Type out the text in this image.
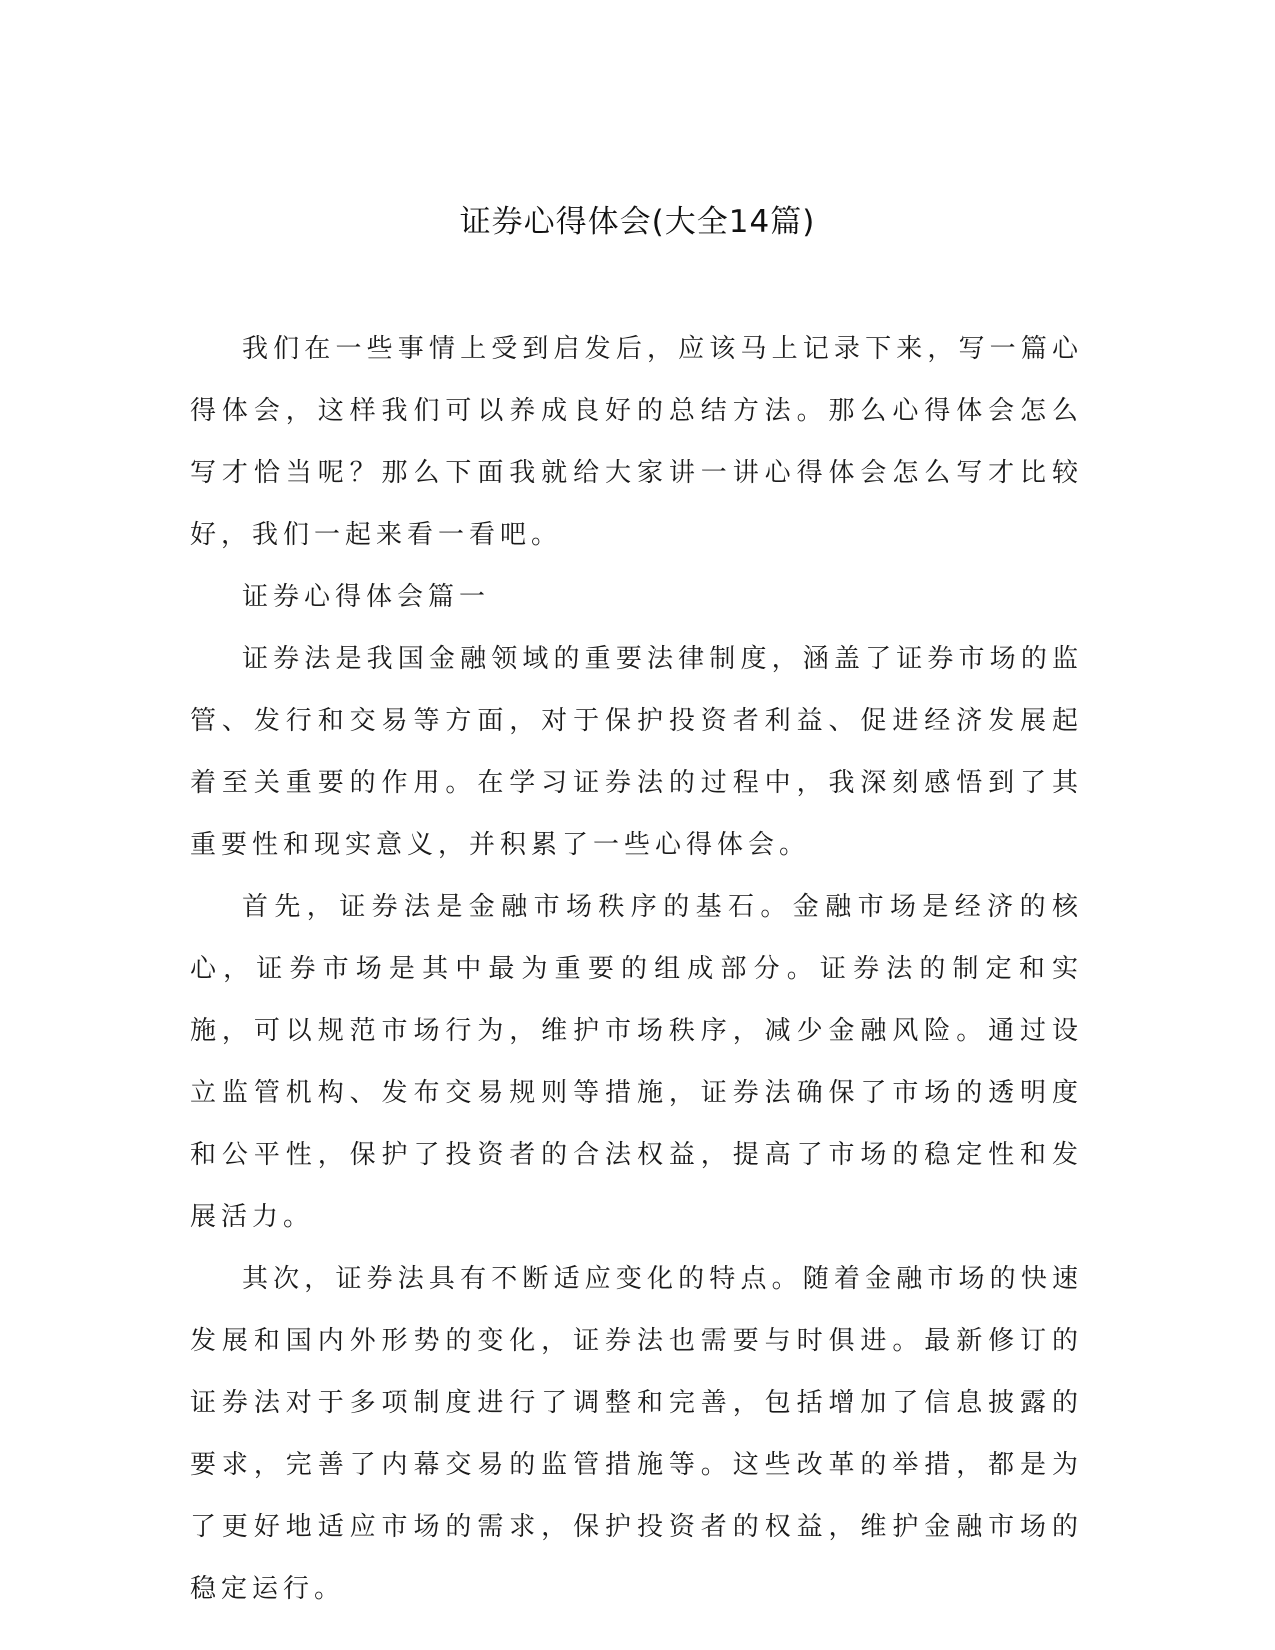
证券心得体会(大全14篇)

我们在一些事情上受到启发后，应该马上记录下来，写一篇心得体会，这样我们可以养成良好的总结方法。那么心得体会怎么写才恰当呢？那么下面我就给大家讲一讲心得体会怎么写才比较好，我们一起来看一看吧。

证券心得体会篇一

证券法是我国金融领域的重要法律制度，涵盖了证券市场的监管、发行和交易等方面，对于保护投资者利益、促进经济发展起着至关重要的作用。在学习证券法的过程中，我深刻感悟到了其重要性和现实意义，并积累了一些心得体会。

首先，证券法是金融市场秩序的基石。金融市场是经济的核心，证券市场是其中最为重要的组成部分。证券法的制定和实施，可以规范市场行为，维护市场秩序，减少金融风险。通过设立监管机构、发布交易规则等措施，证券法确保了市场的透明度和公平性，保护了投资者的合法权益，提高了市场的稳定性和发展活力。

其次，证券法具有不断适应变化的特点。随着金融市场的快速发展和国内外形势的变化，证券法也需要与时俱进。最新修订的证券法对于多项制度进行了调整和完善，包括增加了信息披露的要求，完善了内幕交易的监管措施等。这些改革的举措，都是为了更好地适应市场的需求，保护投资者的权益，维护金融市场的稳定运行。
